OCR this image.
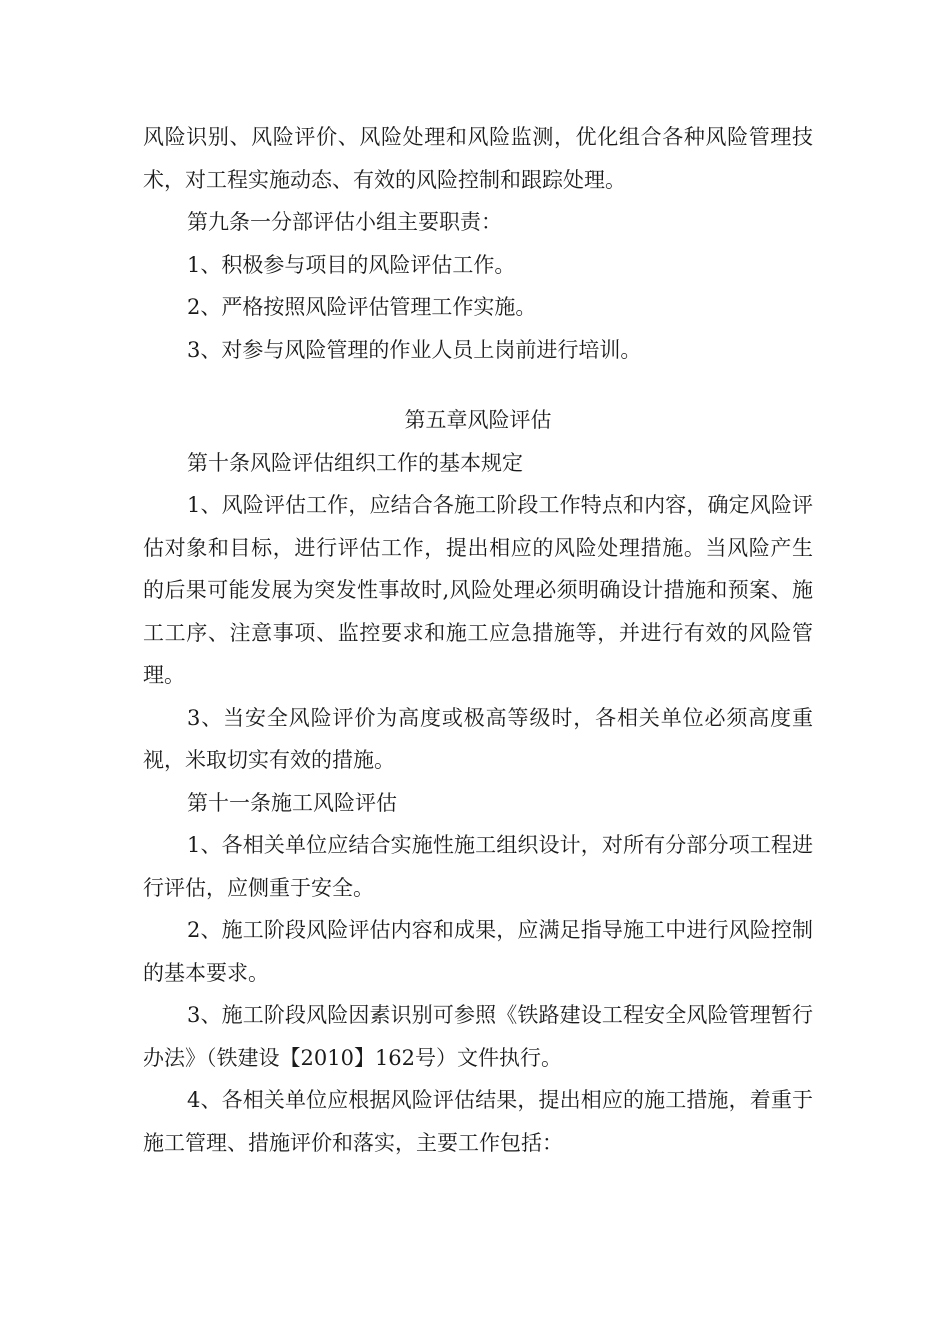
风险识别、风险评价、风险处理和风险监测，优化组合各种风险管理技术，对工程实施动态、有效的风险控制和跟踪处理。

第九条一分部评估小组主要职责：

1、积极参与项目的风险评估工作。

2、严格按照风险评估管理工作实施。

3、对参与风险管理的作业人员上岗前进行培训。

第五章风险评估

第十条风险评估组织工作的基本规定

1、风险评估工作，应结合各施工阶段工作特点和内容，确定风险评估对象和目标，进行评估工作，提出相应的风险处理措施。当风险产生的后果可能发展为突发性事故时,风险处理必须明确设计措施和预案、施工工序、注意事项、监控要求和施工应急措施等，并进行有效的风险管理。

3、当安全风险评价为高度或极高等级时，各相关单位必须高度重视，米取切实有效的措施。

第十一条施工风险评估

1、各相关单位应结合实施性施工组织设计，对所有分部分项工程进行评估，应侧重于安全。

2、施工阶段风险评估内容和成果，应满足指导施工中进行风险控制的基本要求。

3、施工阶段风险因素识别可参照《铁路建设工程安全风险管理暂行办法》（铁建设【2010】162号）文件执行。

4、各相关单位应根据风险评估结果，提出相应的施工措施，着重于施工管理、措施评价和落实，主要工作包括：
